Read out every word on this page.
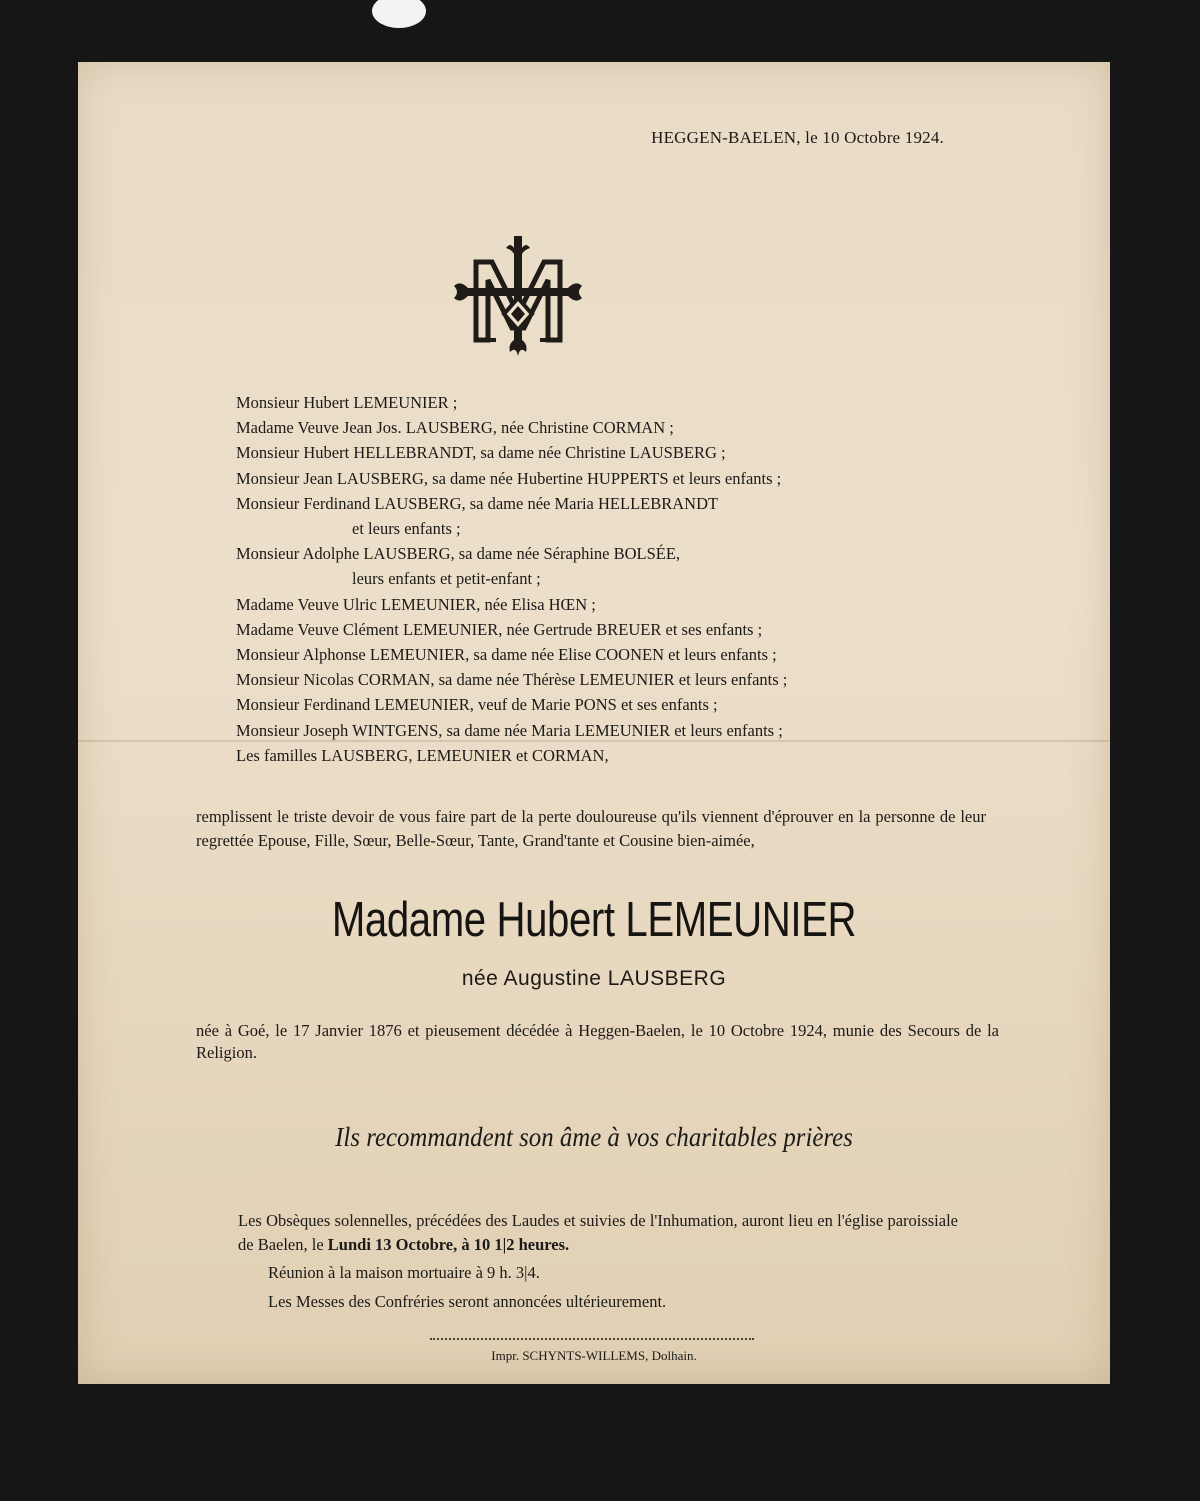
HEGGEN-BAELEN, le 10 Octobre 1924.
Monsieur Hubert LEMEUNIER ;
Madame Veuve Jean Jos. LAUSBERG, née Christine CORMAN ;
Monsieur Hubert HELLEBRANDT, sa dame née Christine LAUSBERG ;
Monsieur Jean LAUSBERG, sa dame née Hubertine HUPPERTS et leurs enfants ;
Monsieur Ferdinand LAUSBERG, sa dame née Maria HELLEBRANDT
et leurs enfants ;
Monsieur Adolphe LAUSBERG, sa dame née Séraphine BOLSÉE,
leurs enfants et petit-enfant ;
Madame Veuve Ulric LEMEUNIER, née Elisa HŒN ;
Madame Veuve Clément LEMEUNIER, née Gertrude BREUER et ses enfants ;
Monsieur Alphonse LEMEUNIER, sa dame née Elise COONEN et leurs enfants ;
Monsieur Nicolas CORMAN, sa dame née Thérèse LEMEUNIER et leurs enfants ;
Monsieur Ferdinand LEMEUNIER, veuf de Marie PONS et ses enfants ;
Monsieur Joseph WINTGENS, sa dame née Maria LEMEUNIER et leurs enfants ;
Les familles LAUSBERG, LEMEUNIER et CORMAN,

remplissent le triste devoir de vous faire part de la perte douloureuse qu'ils viennent d'éprouver en la personne de leur regrettée Epouse, Fille, Sœur, Belle-Sœur, Tante, Grand'tante et Cousine bien-aimée,

Madame Hubert LEMEUNIER

née Augustine LAUSBERG

née à Goé, le 17 Janvier 1876 et pieusement décédée à Heggen-Baelen, le 10 Octobre 1924, munie des Secours de la Religion.

Ils recommandent son âme à vos charitables prières

Les Obsèques solennelles, précédées des Laudes et suivies de l'Inhumation, auront lieu en l'église paroissiale de Baelen, le Lundi 13 Octobre, à 10 1|2 heures.

Réunion à la maison mortuaire à 9 h. 3|4.

Les Messes des Confréries seront annoncées ultérieurement.

Impr. SCHYNTS-WILLEMS, Dolhain.
